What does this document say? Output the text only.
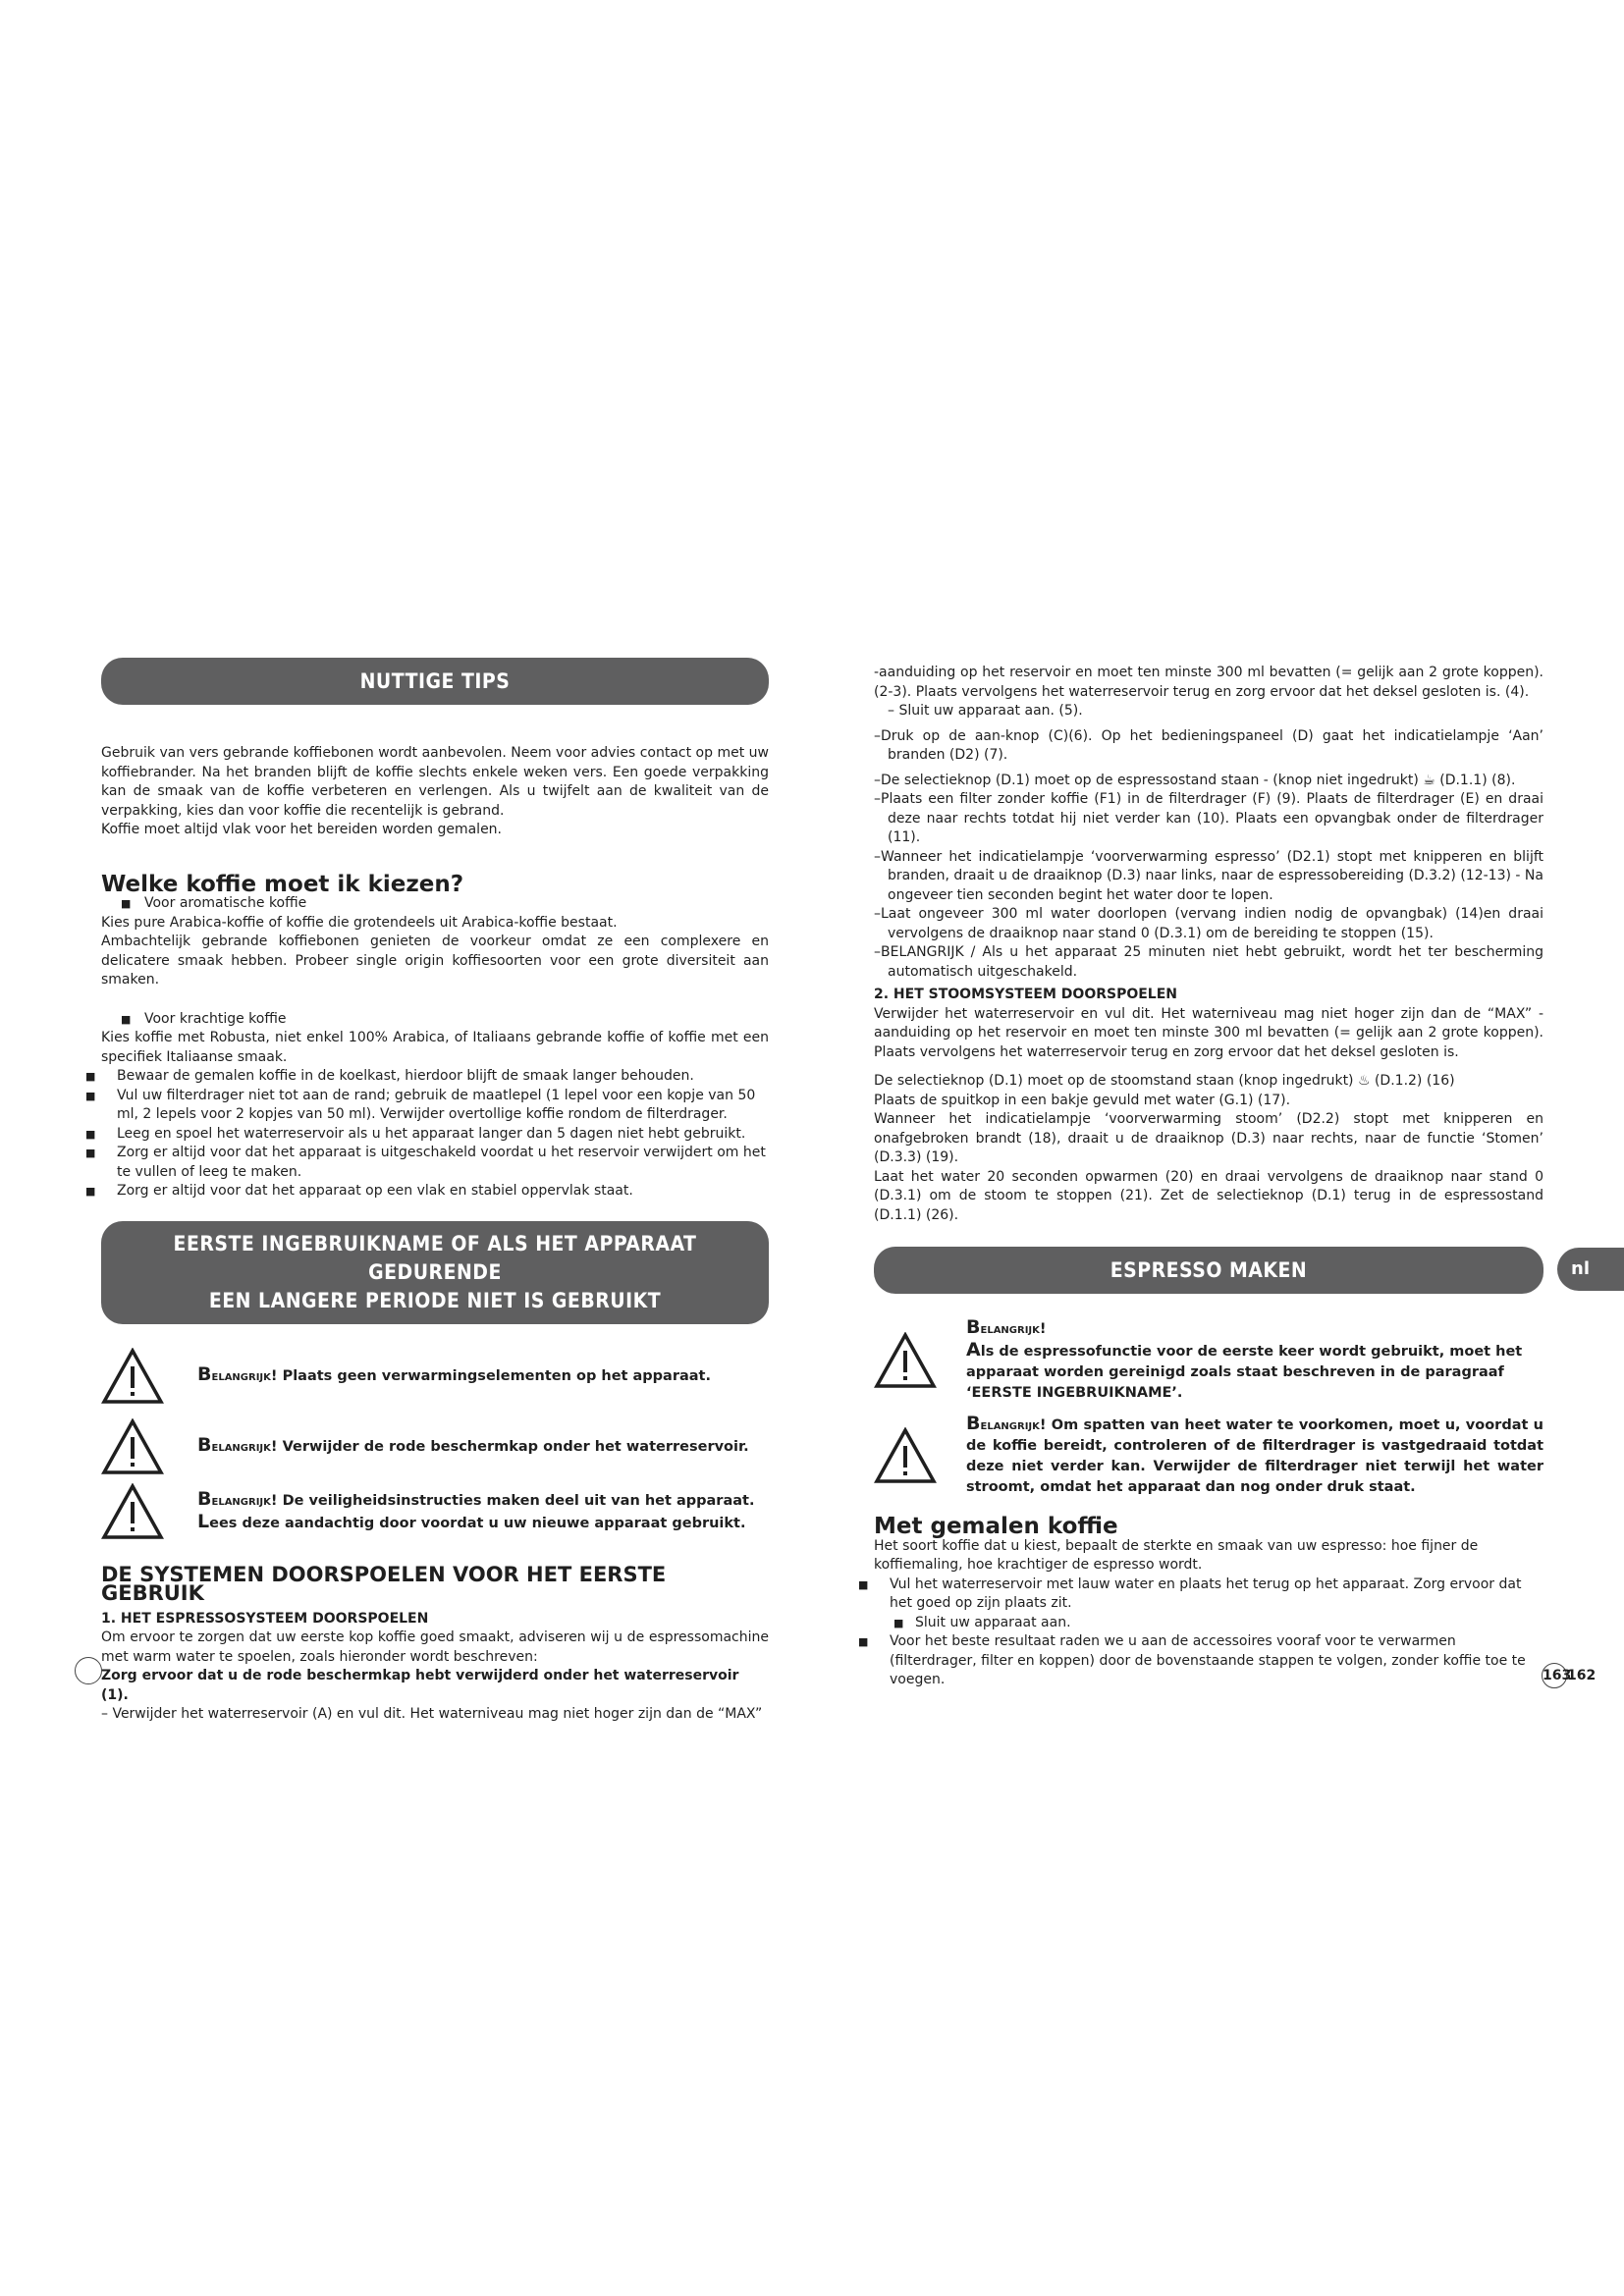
NUTTIGE TIPS

Gebruik van vers gebrande koffiebonen wordt aanbevolen. Neem voor advies contact op met uw koffiebrander. Na het branden blijft de koffie slechts enkele weken vers. Een goede verpakking kan de smaak van de koffie verbeteren en verlengen. Als u twijfelt aan de kwaliteit van de verpakking, kies dan voor koffie die recentelijk is gebrand.

Koffie moet altijd vlak voor het bereiden worden gemalen.

Welke koffie moet ik kiezen?

■ Voor aromatische koffie

Kies pure Arabica-koffie of koffie die grotendeels uit Arabica-koffie bestaat.

Ambachtelijk gebrande koffiebonen genieten de voorkeur omdat ze een complexere en delicatere smaak hebben. Probeer single origin koffiesoorten voor een grote diversiteit aan smaken.

■ Voor krachtige koffie

Kies koffie met Robusta, niet enkel 100% Arabica, of Italiaans gebrande koffie of koffie met een specifiek Italiaanse smaak.

■ Bewaar de gemalen koffie in de koelkast, hierdoor blijft de smaak langer behouden.

■ Vul uw filterdrager niet tot aan de rand; gebruik de maatlepel (1 lepel voor een kopje van 50 ml, 2 lepels voor 2 kopjes van 50 ml). Verwijder overtollige koffie rondom de filterdrager.

■ Leeg en spoel het waterreservoir als u het apparaat langer dan 5 dagen niet hebt gebruikt.

■ Zorg er altijd voor dat het apparaat is uitgeschakeld voordat u het reservoir verwijdert om het te vullen of leeg te maken.

■ Zorg er altijd voor dat het apparaat op een vlak en stabiel oppervlak staat.

EERSTE INGEBRUIKNAME OF ALS HET APPARAAT GEDURENDE
EEN LANGERE PERIODE NIET IS GEBRUIKT
Belangrijk! Plaats geen verwarmingselementen op het apparaat.
Belangrijk! Verwijder de rode beschermkap onder het waterreservoir.
Belangrijk! De veiligheidsinstructies maken deel uit van het apparaat.
Lees deze aandachtig door voordat u uw nieuwe apparaat gebruikt.

DE SYSTEMEN DOORSPOELEN VOOR HET EERSTE GEBRUIK

1. HET ESPRESSOSYSTEEM DOORSPOELEN

Om ervoor te zorgen dat uw eerste kop koffie goed smaakt, adviseren wij u de espressomachine met warm water te spoelen, zoals hieronder wordt beschreven:

Zorg ervoor dat u de rode beschermkap hebt verwijderd onder het waterreservoir (1).

– Verwijder het waterreservoir (A) en vul dit. Het waterniveau mag niet hoger zijn dan de “MAX”

-aanduiding op het reservoir en moet ten minste 300 ml bevatten (= gelijk aan 2 grote koppen). (2-3). Plaats vervolgens het waterreservoir terug en zorg ervoor dat het deksel gesloten is. (4).

– Sluit uw apparaat aan. (5).

–Druk op de aan-knop (C)(6). Op het bedieningspaneel (D) gaat het indicatielampje ‘Aan’ branden (D2) (7).

–De selectieknop (D.1) moet op de espressostand staan - (knop niet ingedrukt) ☕ (D.1.1) (8).

–Plaats een filter zonder koffie (F1) in de filterdrager (F) (9). Plaats de filterdrager (E) en draai deze naar rechts totdat hij niet verder kan (10). Plaats een opvangbak onder de filterdrager (11).

–Wanneer het indicatielampje ‘voorverwarming espresso’ (D2.1) stopt met knipperen en blijft branden, draait u de draaiknop (D.3) naar links, naar de espressobereiding (D.3.2) (12-13) - Na ongeveer tien seconden begint het water door te lopen.

–Laat ongeveer 300 ml water doorlopen (vervang indien nodig de opvangbak) (14)en draai vervolgens de draaiknop naar stand 0 (D.3.1) om de bereiding te stoppen (15).

–BELANGRIJK / Als u het apparaat 25 minuten niet hebt gebruikt, wordt het ter bescherming automatisch uitgeschakeld.

2. HET STOOMSYSTEEM DOORSPOELEN

Verwijder het waterreservoir en vul dit. Het waterniveau mag niet hoger zijn dan de “MAX” -aanduiding op het reservoir en moet ten minste 300 ml bevatten (= gelijk aan 2 grote koppen). Plaats vervolgens het waterreservoir terug en zorg ervoor dat het deksel gesloten is.

De selectieknop (D.1) moet op de stoomstand staan (knop ingedrukt) ♨ (D.1.2) (16)

Plaats de spuitkop in een bakje gevuld met water (G.1) (17).

Wanneer het indicatielampje ‘voorverwarming stoom’ (D2.2) stopt met knipperen en onafgebroken brandt (18), draait u de draaiknop (D.3) naar rechts, naar de functie ‘Stomen’ (D.3.3) (19).

Laat het water 20 seconden opwarmen (20) en draai vervolgens de draaiknop naar stand 0 (D.3.1) om de stoom te stoppen (21). Zet de selectieknop (D.1) terug in de espressostand (D.1.1) (26).

ESPRESSO MAKEN
Belangrijk!
Als de espressofunctie voor de eerste keer wordt gebruikt, moet het apparaat worden gereinigd zoals staat beschreven in de paragraaf ‘EERSTE INGEBRUIKNAME’.
Belangrijk! Om spatten van heet water te voorkomen, moet u, voordat u de koffie bereidt, controleren of de filterdrager is vastgedraaid totdat deze niet verder kan. Verwijder de filterdrager niet terwijl het water stroomt, omdat het apparaat dan nog onder druk staat.

Met gemalen koffie

Het soort koffie dat u kiest, bepaalt de sterkte en smaak van uw espresso: hoe fijner de koffiemaling, hoe krachtiger de espresso wordt.

■ Vul het waterreservoir met lauw water en plaats het terug op het apparaat. Zorg ervoor dat het goed op zijn plaats zit.

■ Sluit uw apparaat aan.

■ Voor het beste resultaat raden we u aan de accessoires vooraf voor te verwarmen (filterdrager, filter en koppen) door de bovenstaande stappen te volgen, zonder koffie toe te voegen.

nl
163162
